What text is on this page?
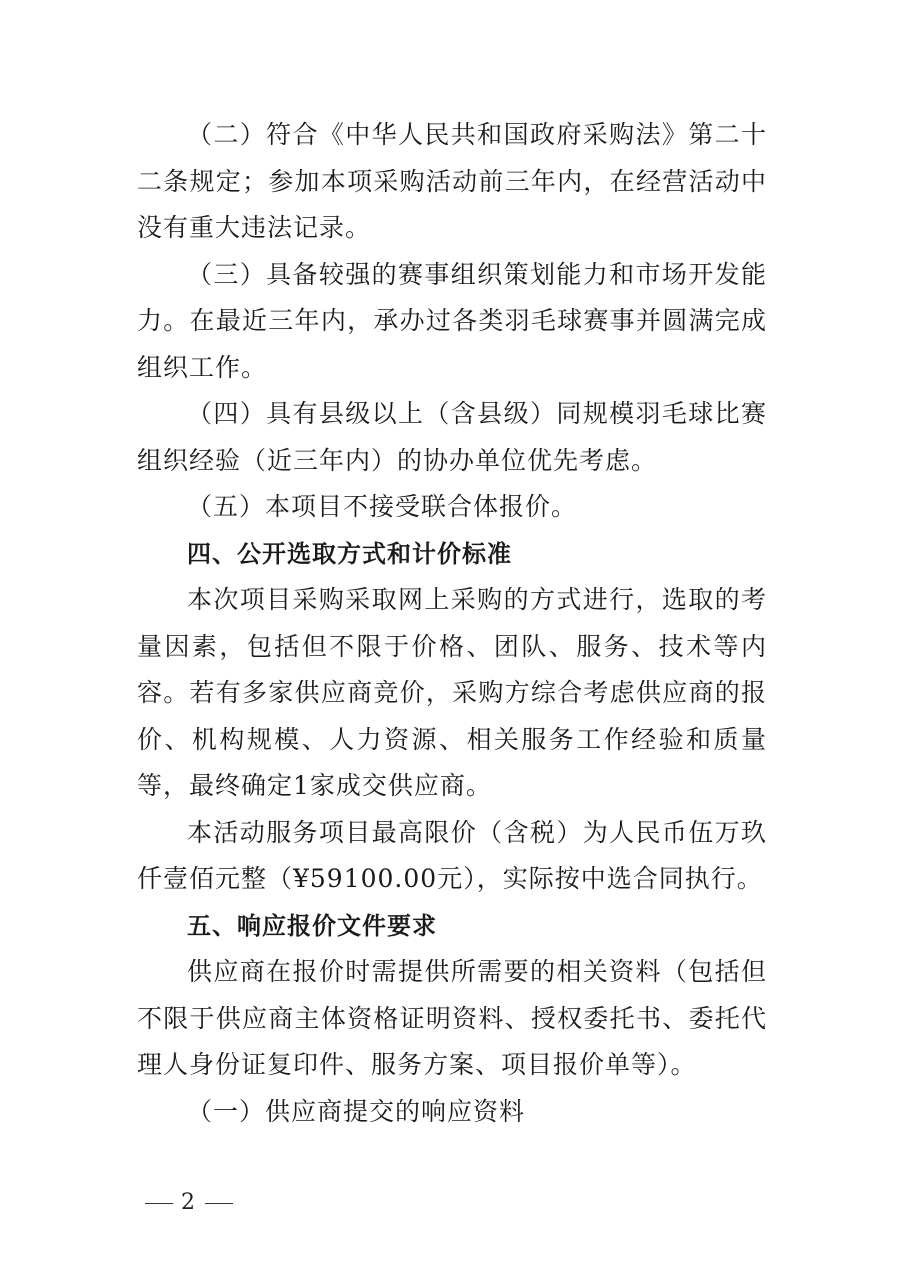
（二）符合《中华人民共和国政府采购法》第二十二条规定；参加本项采购活动前三年内，在经营活动中没有重大违法记录。

（三）具备较强的赛事组织策划能力和市场开发能力。在最近三年内，承办过各类羽毛球赛事并圆满完成组织工作。

（四）具有县级以上（含县级）同规模羽毛球比赛组织经验（近三年内）的协办单位优先考虑。

（五）本项目不接受联合体报价。

四、公开选取方式和计价标准

本次项目采购采取网上采购的方式进行，选取的考量因素，包括但不限于价格、团队、服务、技术等内容。若有多家供应商竞价，采购方综合考虑供应商的报价、机构规模、人力资源、相关服务工作经验和质量等，最终确定1家成交供应商。

本活动服务项目最高限价（含税）为人民币伍万玖仟壹佰元整（¥59100.00元），实际按中选合同执行。

五、响应报价文件要求

供应商在报价时需提供所需要的相关资料（包括但不限于供应商主体资格证明资料、授权委托书、委托代理人身份证复印件、服务方案、项目报价单等）。

（一）供应商提交的响应资料

2
